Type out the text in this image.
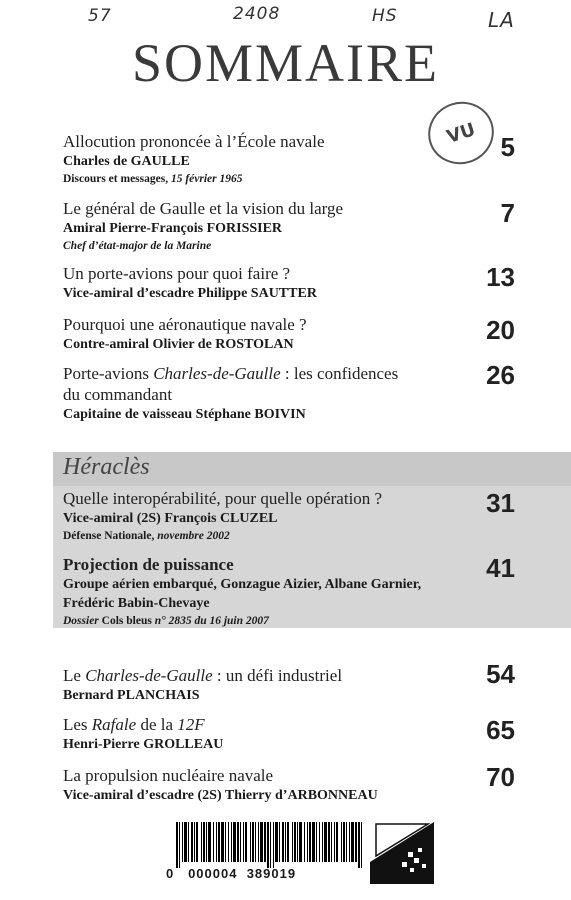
57	2408	HS	LA
SOMMAIRE
VU
Allocution prononcée à l’École navale
Charles de GAULLE
Discours et messages, 15 février 1965
5
Le général de Gaulle et la vision du large
Amiral Pierre-François FORISSIER
Chef d’état-major de la Marine
7
Un porte-avions pour quoi faire ?
Vice-amiral d’escadre Philippe SAUTTER
13
Pourquoi une aéronautique navale ?
Contre-amiral Olivier de ROSTOLAN	20
Porte-avions Charles-de-Gaulle : les confidences
du commandant
Capitaine de vaisseau Stéphane BOIVIN
26
Héraclès
Quelle interopérabilité, pour quelle opération ?
Vice-amiral (2S) François CLUZEL
Défense Nationale, novembre 2002
31
Projection de puissance
Groupe aérien embarqué, Gonzague Aizier, Albane Garnier,
Frédéric Babin-Chevaye
Dossier Cols bleus n° 2835 du 16 juin 2007
41
Le Charles-de-Gaulle : un défi industriel
Bernard PLANCHAIS
54
Les Rafale de la 12F
Henri-Pierre GROLLEAU	65
La propulsion nucléaire navale
Vice-amiral d’escadre (2S) Thierry d’ARBONNEAU
70
0 000004 389019
